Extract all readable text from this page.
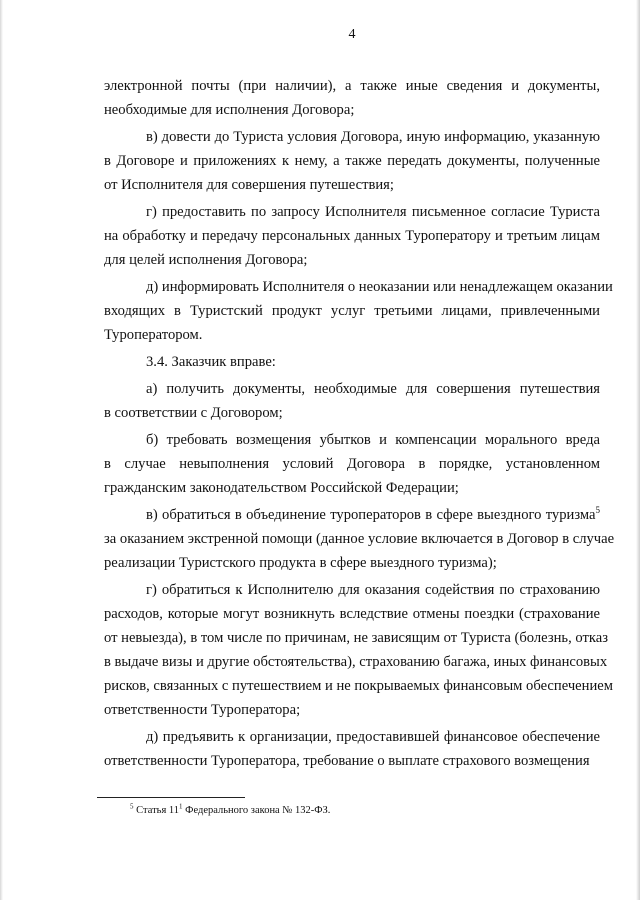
4
электронной почты (при наличии), а также иные сведения и документы,
необходимые для исполнения Договора;
в) довести до Туриста условия Договора, иную информацию, указанную
в Договоре и приложениях к нему, а также передать документы, полученные
от Исполнителя для совершения путешествия;
г) предоставить по запросу Исполнителя письменное согласие Туриста
на обработку и передачу персональных данных Туроператору и третьим лицам
для целей исполнения Договора;
д) информировать Исполнителя о неоказании или ненадлежащем оказании
входящих в Туристский продукт услуг третьими лицами, привлеченными
Туроператором.
3.4. Заказчик вправе:
а) получить документы, необходимые для совершения путешествия
в соответствии с Договором;
б) требовать возмещения убытков и компенсации морального вреда
в случае невыполнения условий Договора в порядке, установленном
гражданским законодательством Российской Федерации;
в) обратиться в объединение туроператоров в сфере выездного туризма$^5$
за оказанием экстренной помощи (данное условие включается в Договор в случае
реализации Туристского продукта в сфере выездного туризма);
г) обратиться к Исполнителю для оказания содействия по страхованию
расходов, которые могут возникнуть вследствие отмены поездки (страхование
от невыезда), в том числе по причинам, не зависящим от Туриста (болезнь, отказ
в выдаче визы и другие обстоятельства), страхованию багажа, иных финансовых
рисков, связанных с путешествием и не покрываемых финансовым обеспечением
ответственности Туроператора;
д) предъявить к организации, предоставившей финансовое обеспечение
ответственности Туроператора, требование о выплате страхового возмещения
$^5$ Статья $11^1$ Федерального закона № 132-ФЗ.
